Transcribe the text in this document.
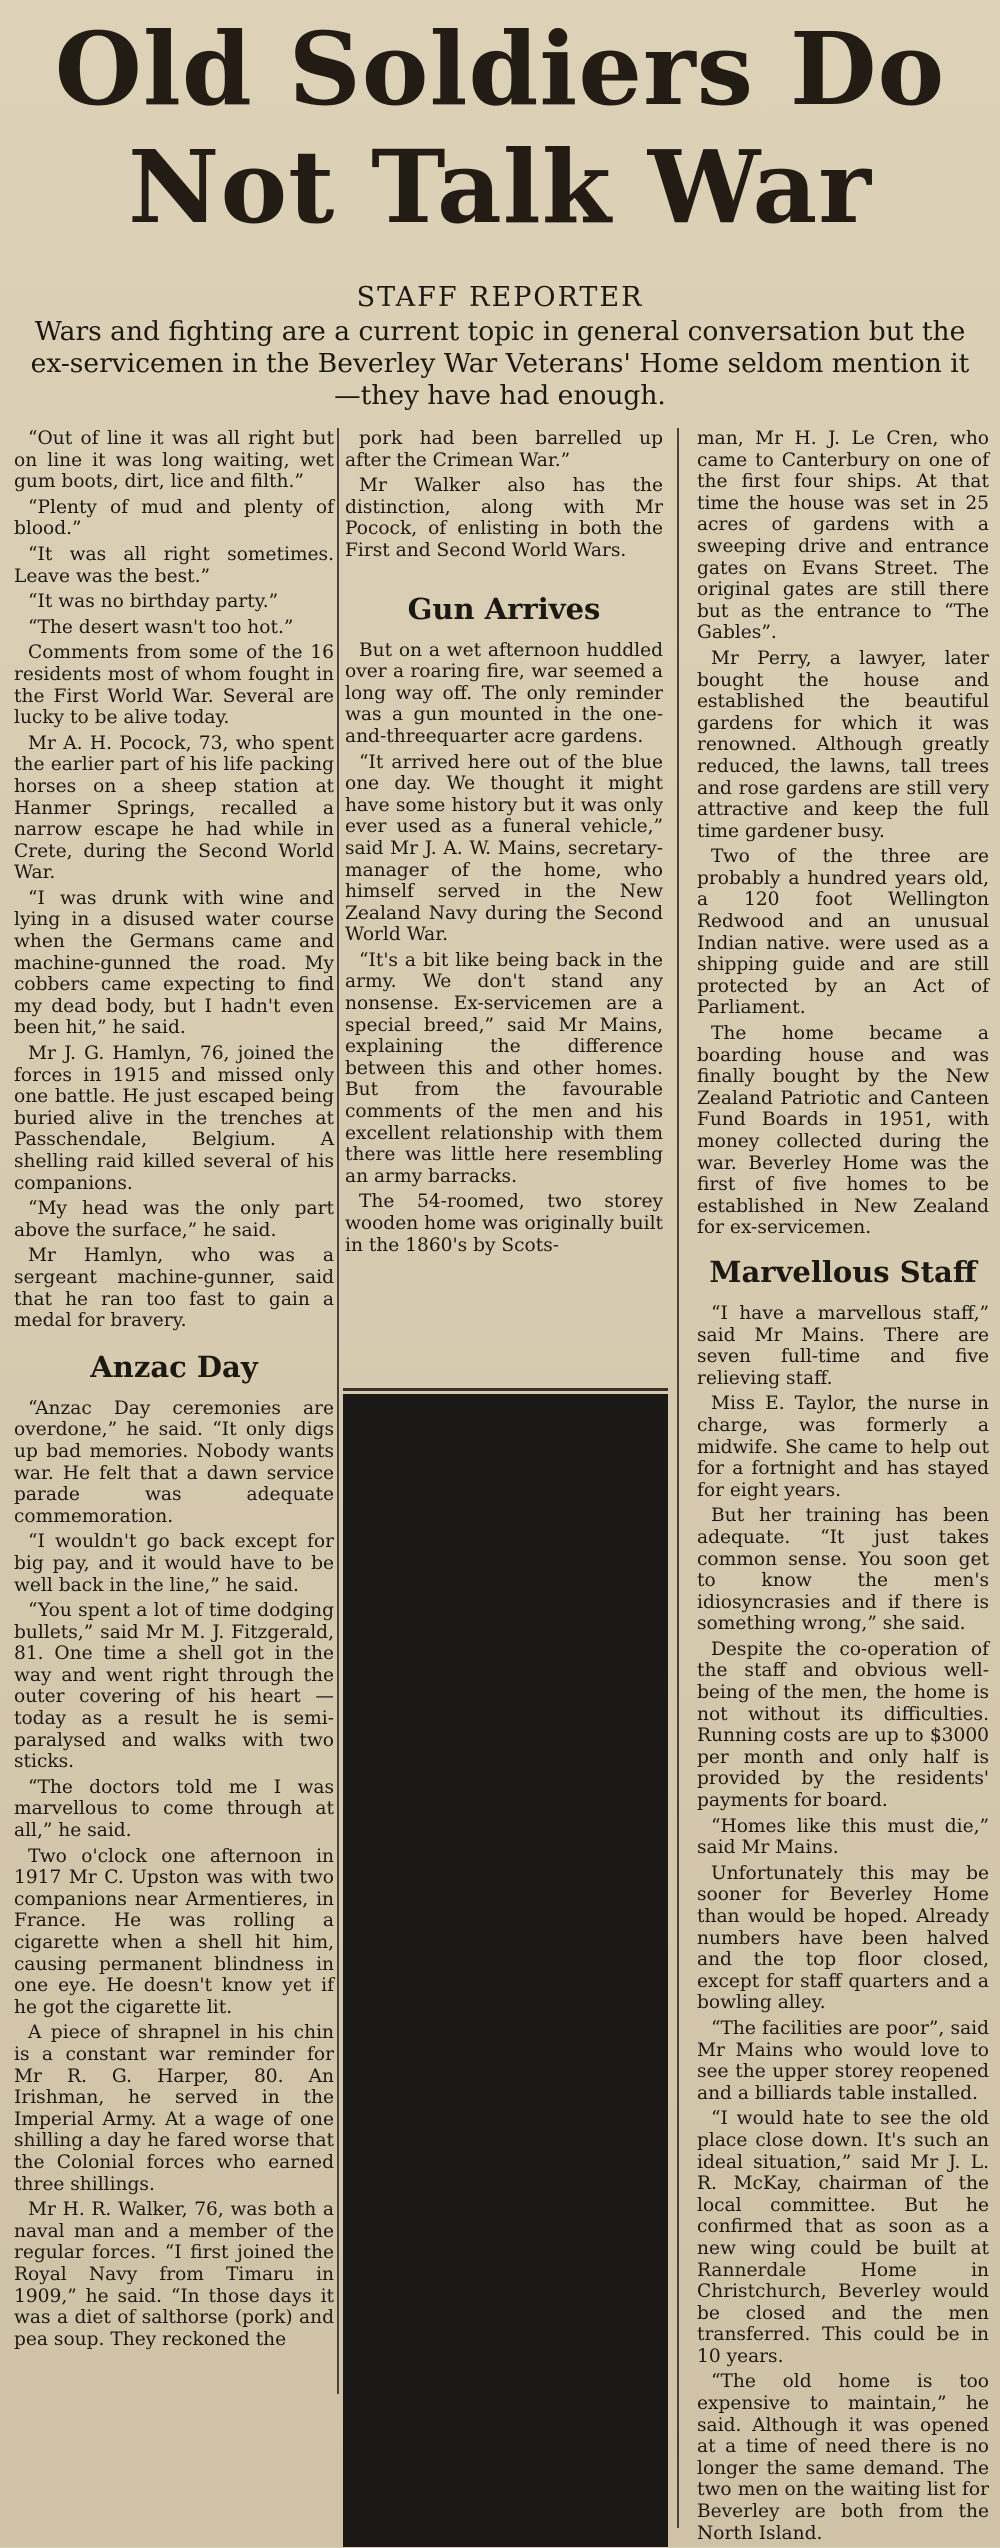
Old Soldiers Do
Not Talk War

STAFF REPORTER

Wars and fighting are a current topic in general conversation but the ex-servicemen in the Beverley War Veterans' Home seldom mention it—they have had enough.

“Out of line it was all right but on line it was long waiting, wet gum boots, dirt, lice and filth.”

“Plenty of mud and plenty of blood.”

“It was all right sometimes. Leave was the best.”

“It was no birthday party.”

“The desert wasn't too hot.”

Comments from some of the 16 residents most of whom fought in the First World War. Several are lucky to be alive today.

Mr A. H. Pocock, 73, who spent the earlier part of his life packing horses on a sheep station at Hanmer Springs, recalled a narrow escape he had while in Crete, during the Second World War.

“I was drunk with wine and lying in a disused water course when the Germans came and machine-gunned the road. My cobbers came expecting to find my dead body, but I hadn't even been hit,” he said.

Mr J. G. Hamlyn, 76, joined the forces in 1915 and missed only one battle. He just escaped being buried alive in the trenches at Passchendale, Belgium. A shelling raid killed several of his companions.

“My head was the only part above the surface,” he said.

Mr Hamlyn, who was a sergeant machine-gunner, said that he ran too fast to gain a medal for bravery.

Anzac Day

“Anzac Day ceremonies are overdone,” he said. “It only digs up bad memories. Nobody wants war. He felt that a dawn service parade was adequate commemoration.

“I wouldn't go back except for big pay, and it would have to be well back in the line,” he said.

“You spent a lot of time dodging bullets,” said Mr M. J. Fitzgerald, 81. One time a shell got in the way and went right through the outer covering of his heart — today as a result he is semi-paralysed and walks with two sticks.

“The doctors told me I was marvellous to come through at all,” he said.

Two o'clock one afternoon in 1917 Mr C. Upston was with two companions near Armentieres, in France. He was rolling a cigarette when a shell hit him, causing permanent blindness in one eye. He doesn't know yet if he got the cigarette lit.

A piece of shrapnel in his chin is a constant war reminder for Mr R. G. Harper, 80. An Irishman, he served in the Imperial Army. At a wage of one shilling a day he fared worse that the Colonial forces who earned three shillings.

Mr H. R. Walker, 76, was both a naval man and a member of the regular forces. “I first joined the Royal Navy from Timaru in 1909,” he said. “In those days it was a diet of salthorse (pork) and pea soup. They reckoned the

pork had been barrelled up after the Crimean War.”

Mr Walker also has the distinction, along with Mr Pocock, of enlisting in both the First and Second World Wars.

Gun Arrives

But on a wet afternoon huddled over a roaring fire, war seemed a long way off. The only reminder was a gun mounted in the one-and-threequarter acre gardens.

“It arrived here out of the blue one day. We thought it might have some history but it was only ever used as a funeral vehicle,” said Mr J. A. W. Mains, secretary-manager of the home, who himself served in the New Zealand Navy during the Second World War.

“It's a bit like being back in the army. We don't stand any nonsense. Ex-servicemen are a special breed,” said Mr Mains, explaining the difference between this and other homes. But from the favourable comments of the men and his excellent relationship with them there was little here resembling an army barracks.

The 54-roomed, two storey wooden home was originally built in the 1860's by Scots-

man, Mr H. J. Le Cren, who came to Canterbury on one of the first four ships. At that time the house was set in 25 acres of gardens with a sweeping drive and entrance gates on Evans Street. The original gates are still there but as the entrance to “The Gables”.

Mr Perry, a lawyer, later bought the house and established the beautiful gardens for which it was renowned. Although greatly reduced, the lawns, tall trees and rose gardens are still very attractive and keep the full time gardener busy.

Two of the three are probably a hundred years old, a 120 foot Wellington Redwood and an unusual Indian native. were used as a shipping guide and are still protected by an Act of Parliament.

The home became a boarding house and was finally bought by the New Zealand Patriotic and Canteen Fund Boards in 1951, with money collected during the war. Beverley Home was the first of five homes to be established in New Zealand for ex-servicemen.

Marvellous Staff

“I have a marvellous staff,” said Mr Mains. There are seven full-time and five relieving staff.

Miss E. Taylor, the nurse in charge, was formerly a midwife. She came to help out for a fortnight and has stayed for eight years.

But her training has been adequate. “It just takes common sense. You soon get to know the men's idiosyncrasies and if there is something wrong,” she said.

Despite the co-operation of the staff and obvious well-being of the men, the home is not without its difficulties. Running costs are up to $3000 per month and only half is provided by the residents' payments for board.

“Homes like this must die,” said Mr Mains.

Unfortunately this may be sooner for Beverley Home than would be hoped. Already numbers have been halved and the top floor closed, except for staff quarters and a bowling alley.

“The facilities are poor”, said Mr Mains who would love to see the upper storey reopened and a billiards table installed.

“I would hate to see the old place close down. It's such an ideal situation,” said Mr J. L. R. McKay, chairman of the local committee. But he confirmed that as soon as a new wing could be built at Rannerdale Home in Christchurch, Beverley would be closed and the men transferred. This could be in 10 years.

“The old home is too expensive to maintain,” he said. Although it was opened at a time of need there is no longer the same demand. The two men on the waiting list for Beverley are both from the North Island.
